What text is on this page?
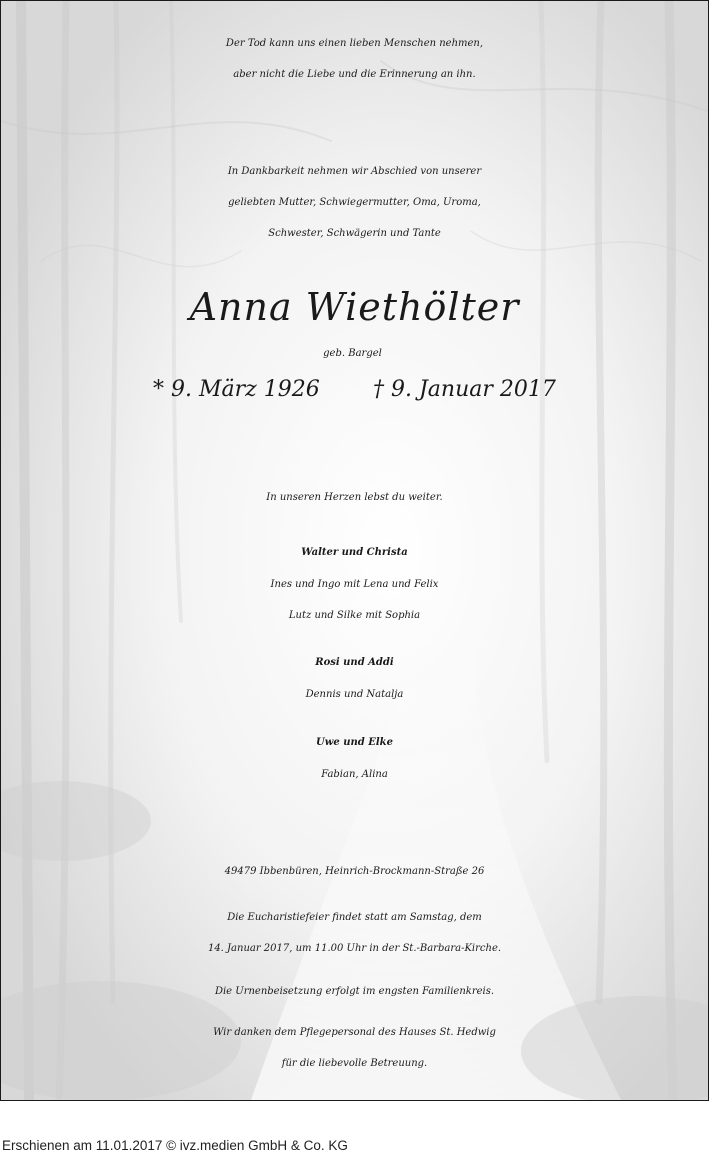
Der Tod kann uns einen lieben Menschen nehmen,
aber nicht die Liebe und die Erinnerung an ihn.
In Dankbarkeit nehmen wir Abschied von unserer
geliebten Mutter, Schwiegermutter, Oma, Uroma,
Schwester, Schwägerin und Tante
Anna Wiethölter
geb. Bargel
* 9. März 1926 † 9. Januar 2017
In unseren Herzen lebst du weiter.
Walter und Christa
Ines und Ingo mit Lena und Felix
Lutz und Silke mit Sophia
Rosi und Addi
Dennis und Natalja
Uwe und Elke
Fabian, Alina
49479 Ibbenbüren, Heinrich-Brockmann-Straße 26
Die Eucharistiefeier findet statt am Samstag, dem
14. Januar 2017, um 11.00 Uhr in der St.-Barbara-Kirche.
Die Urnenbeisetzung erfolgt im engsten Familienkreis.
Wir danken dem Pflegepersonal des Hauses St. Hedwig
für die liebevolle Betreuung.
Erschienen am 11.01.2017 © ivz.medien GmbH & Co. KG
